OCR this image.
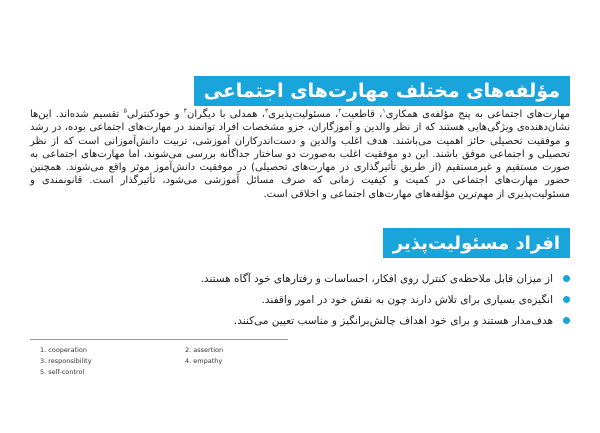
مؤلفه‌های مختلف مهارت‌های اجتماعی
مهارت‌های اجتماعی به پنج مؤلفه‌ی همکاری$^۱$، قاطعیت$^۲$، مسئولیت‌پذیری$^۳$، همدلی با دیگران$^۴$ و خودکنترلی$^۵$ تقسیم شده‌اند. این‌ها نشان‌دهنده‌ی ویژگی‌هایی هستند که از نظر والدین و آموزگاران، جزو مشخصات افراد توانمند در مهارت‌های اجتماعی بوده، در رشد و موفقیت تحصیلی حائز اهمیت می‌باشند. هدف اغلب والدین و دست‌اندرکاران آموزشی، تربیت دانش‌آموزانی است که از نظر تحصیلی و اجتماعی موفق باشند. این دو موفقیت اغلب به‌صورت دو ساختار جداگانه بررسی می‌شوند، اما مهارت‌های اجتماعی به صورت مستقیم و غیرمستقیم (از طریق تأثیرگذاری در مهارت‌های تحصیلی) در موفقیت دانش‌آموز موثر واقع می‌شوند. همچنین حضور مهارت‌های اجتماعی در کمیت و کیفیت زمانی که صرف مسائل آموزشی می‌شود، تأثیرگذار است. قانونمندی و مسئولیت‌پذیری از مهم‌ترین مؤلفه‌های مهارت‌های اجتماعی و اخلاقی است.
افراد مسئولیت‌پذیر
از میزان قابل ملاحظه‌ی کنترل روی افکار، احساسات و رفتارهای خود آگاه هستند.
انگیزه‌ی بسیاری برای تلاش دارند چون به نقش خود در امور واقفند.
هدف‌مدار هستند و برای خود اهداف چالش‌برانگیز و مناسب تعیین می‌کنند.
1. cooperation	2. assertion
3. responsibility	4. empathy
5. self-control
